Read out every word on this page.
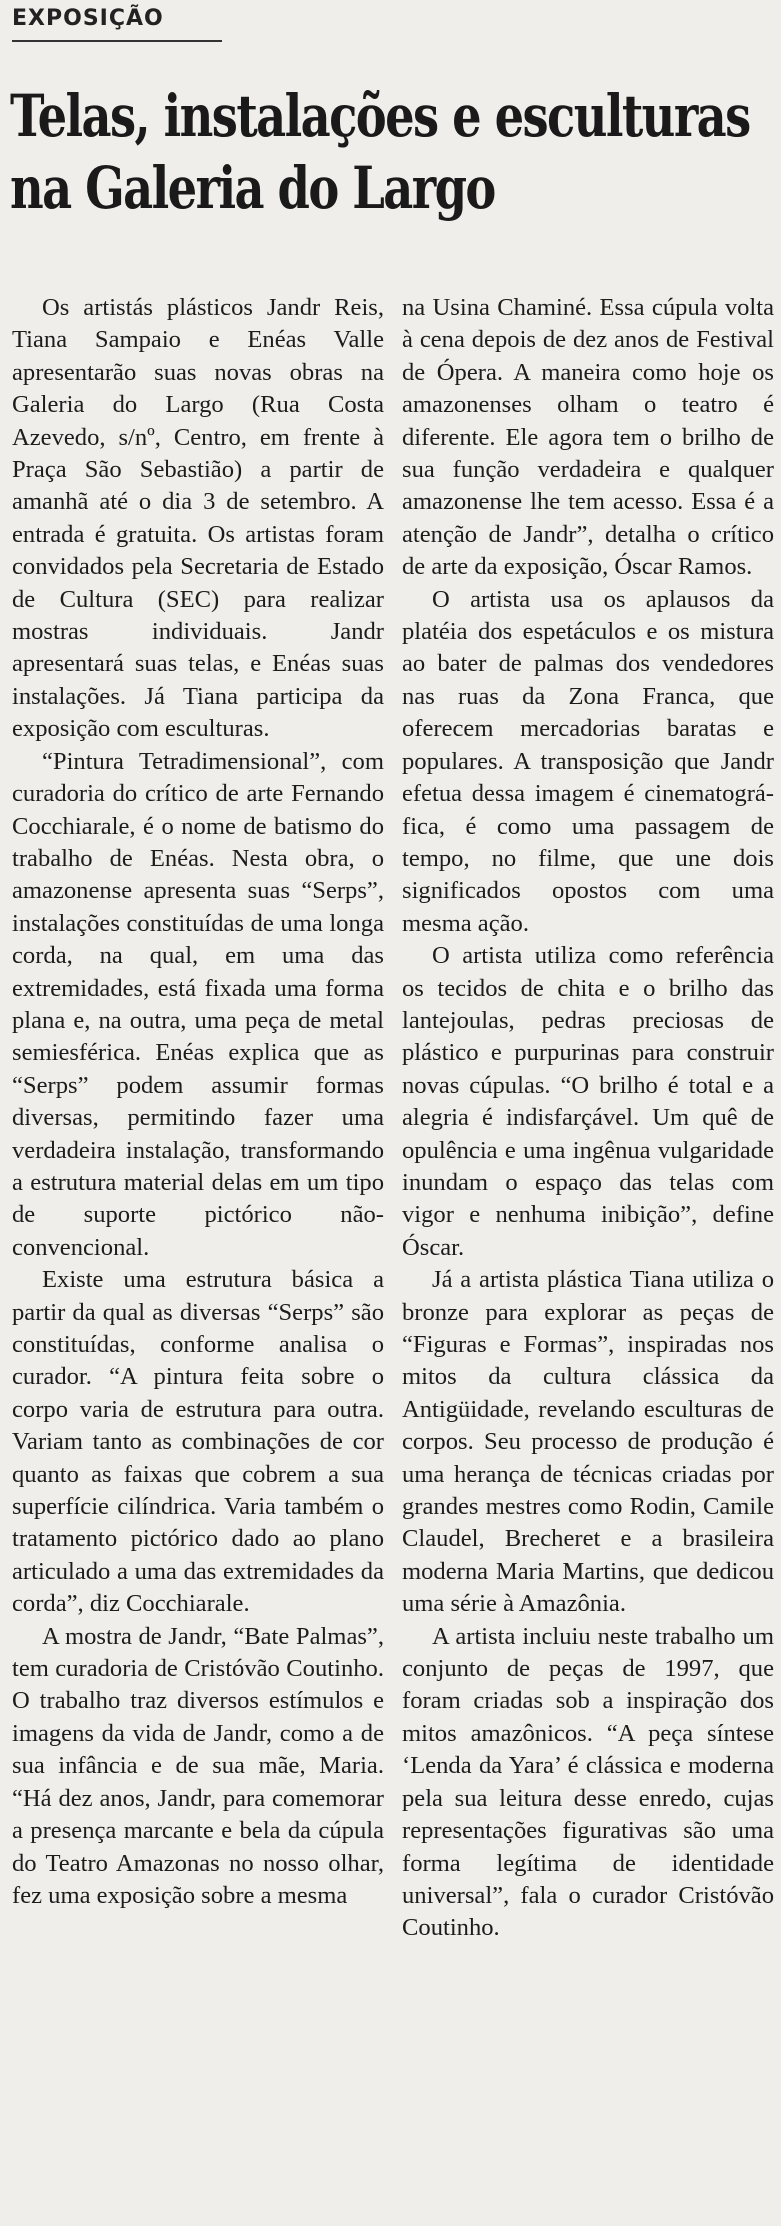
EXPOSIÇÃO
Telas, instalações e esculturas
na Galeria do Largo

Os artistás plásticos Jandr Reis, Tiana Sampaio e Enéas Valle apresentarão suas novas obras na Galeria do Largo (Rua Costa Azevedo, s/nº, Centro, em frente à Praça São Sebastião) a partir de amanhã até o dia 3 de setembro. A entrada é gratuita. Os artistas foram convidados pela Secretaria de Estado de Cultura (SEC) para realizar mostras individuais. Jandr apresentará suas telas, e Enéas suas instalações. Já Tiana participa da exposição com esculturas.

“Pintura Tetradimensional”, com curadoria do crítico de arte Fernando Cocchiarale, é o nome de batismo do trabalho de Enéas. Nesta obra, o amazonense apresenta suas “Serps”, instalações constituídas de uma longa corda, na qual, em uma das extremidades, está fixada uma forma plana e, na outra, uma peça de metal semiesférica. Enéas explica que as “Serps” podem assumir formas diversas, permitindo fazer uma verdadeira instalação, transformando a estrutura material delas em um tipo de suporte pictórico não-convencional.

Existe uma estrutura básica a partir da qual as diversas “Serps” são constituídas, conforme analisa o curador. “A pintura feita sobre o corpo varia de estrutura para outra. Variam tanto as combinações de cor quanto as faixas que cobrem a sua superfície cilíndrica. Varia também o tratamento pictórico dado ao plano articulado a uma das extremidades da corda”, diz Cocchiarale.

A mostra de Jandr, “Bate Palmas”, tem curadoria de Cristóvão Coutinho. O trabalho traz diversos estímulos e imagens da vida de Jandr, como a de sua infância e de sua mãe, Maria. “Há dez anos, Jandr, para comemorar a presença marcante e bela da cúpula do Teatro Amazonas no nosso olhar, fez uma exposição sobre a mesma

na Usina Chaminé. Essa cúpula volta à cena depois de dez anos de Festival de Ópera. A maneira como hoje os amazonenses olham o teatro é diferente. Ele agora tem o brilho de sua função verdadeira e qualquer amazonense lhe tem acesso. Essa é a atenção de Jandr”, detalha o crítico de arte da exposição, Óscar Ramos.

O artista usa os aplausos da platéia dos espetáculos e os mistura ao bater de palmas dos vendedores nas ruas da Zona Franca, que oferecem mercadorias baratas e populares. A transposição que Jandr efetua dessa imagem é cinematográfica, é como uma passagem de tempo, no filme, que une dois significados opostos com uma mesma ação.

O artista utiliza como referência os tecidos de chita e o brilho das lantejoulas, pedras preciosas de plástico e purpurinas para construir novas cúpulas. “O brilho é total e a alegria é indisfarçável. Um quê de opulência e uma ingênua vulgaridade inundam o espaço das telas com vigor e nenhuma inibição”, define Óscar.

Já a artista plástica Tiana utiliza o bronze para explorar as peças de “Figuras e Formas”, inspiradas nos mitos da cultura clássica da Antigüidade, revelando esculturas de corpos. Seu processo de produção é uma herança de técnicas criadas por grandes mestres como Rodin, Camile Claudel, Brecheret e a brasileira moderna Maria Martins, que dedicou uma série à Amazônia.

A artista incluiu neste trabalho um conjunto de peças de 1997, que foram criadas sob a inspiração dos mitos amazônicos. “A peça síntese ‘Lenda da Yara’ é clássica e moderna pela sua leitura desse enredo, cujas representações figurativas são uma forma legítima de identidade universal”, fala o curador Cristóvão Coutinho.
